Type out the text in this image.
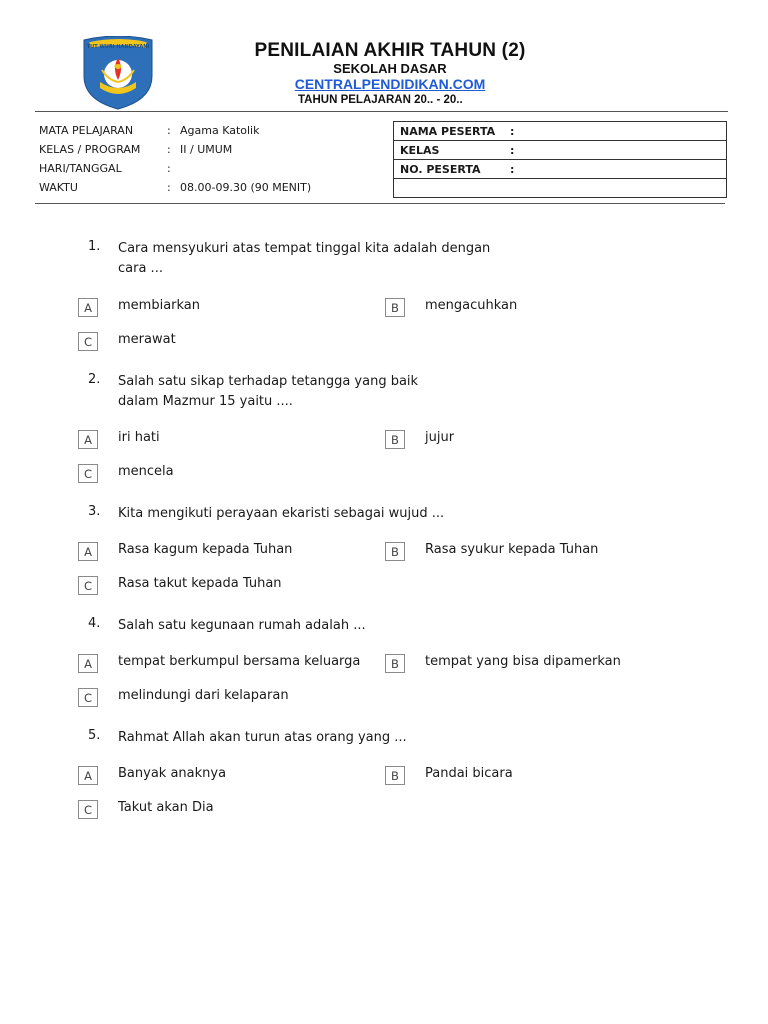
TUT WURI HANDAYANI	PENILAIAN AKHIR TAHUN (2)
SEKOLAH DASAR
CENTRALPENDIDIKAN.COM
TAHUN PELAJARAN 20.. - 20..
MATA PELAJARAN	: Agama Katolik
KELAS / PROGRAM	: II / UMUM
HARI/TANGGAL	:
WAKTU	: 08.00-09.30 (90 MENIT)
NAMA PESERTA :
KELAS	:
NO. PESERTA	:

1. Cara mensyukuri atas tempat tinggal kita adalah dengan cara ...
A	membiarkan	B	mengacuhkan
C	merawat
2. Salah satu sikap terhadap tetangga yang baik dalam Mazmur 15 yaitu ....
A	iri hati	B	jujur
C	mencela
3. Kita mengikuti perayaan ekaristi sebagai wujud ...
A	Rasa kagum kepada Tuhan	B	Rasa syukur kepada Tuhan
C	Rasa takut kepada Tuhan
4. Salah satu kegunaan rumah adalah ...
A	tempat berkumpul bersama keluarga	B	tempat yang bisa dipamerkan
C	melindungi dari kelaparan
5. Rahmat Allah akan turun atas orang yang ...
A	Banyak anaknya	B	Pandai bicara
C	Takut akan Dia
